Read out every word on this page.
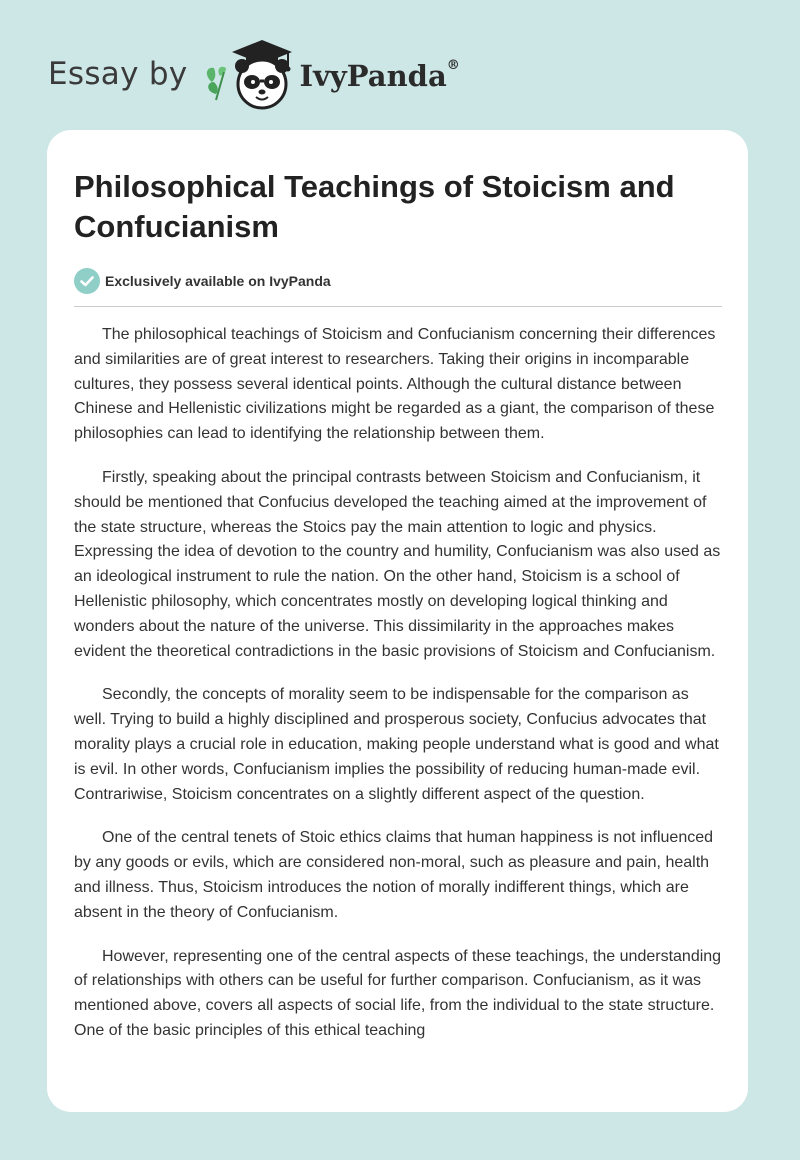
Essay by	IvyPanda®
Philosophical Teachings of Stoicism and Confucianism
Exclusively available on IvyPanda

The philosophical teachings of Stoicism and Confucianism concerning their differences and similarities are of great interest to researchers. Taking their origins in incomparable cultures, they possess several identical points. Although the cultural distance between Chinese and Hellenistic civilizations might be regarded as a giant, the comparison of these philosophies can lead to identifying the relationship between them.

Firstly, speaking about the principal contrasts between Stoicism and Confucianism, it should be mentioned that Confucius developed the teaching aimed at the improvement of the state structure, whereas the Stoics pay the main attention to logic and physics. Expressing the idea of devotion to the country and humility, Confucianism was also used as an ideological instrument to rule the nation. On the other hand, Stoicism is a school of Hellenistic philosophy, which concentrates mostly on developing logical thinking and wonders about the nature of the universe. This dissimilarity in the approaches makes evident the theoretical contradictions in the basic provisions of Stoicism and Confucianism.

Secondly, the concepts of morality seem to be indispensable for the comparison as well. Trying to build a highly disciplined and prosperous society, Confucius advocates that morality plays a crucial role in education, making people understand what is good and what is evil. In other words, Confucianism implies the possibility of reducing human-made evil. Contrariwise, Stoicism concentrates on a slightly different aspect of the question.

One of the central tenets of Stoic ethics claims that human happiness is not influenced by any goods or evils, which are considered non-moral, such as pleasure and pain, health and illness. Thus, Stoicism introduces the notion of morally indifferent things, which are absent in the theory of Confucianism.

However, representing one of the central aspects of these teachings, the understanding of relationships with others can be useful for further comparison. Confucianism, as it was mentioned above, covers all aspects of social life, from the individual to the state structure. One of the basic principles of this ethical teaching
